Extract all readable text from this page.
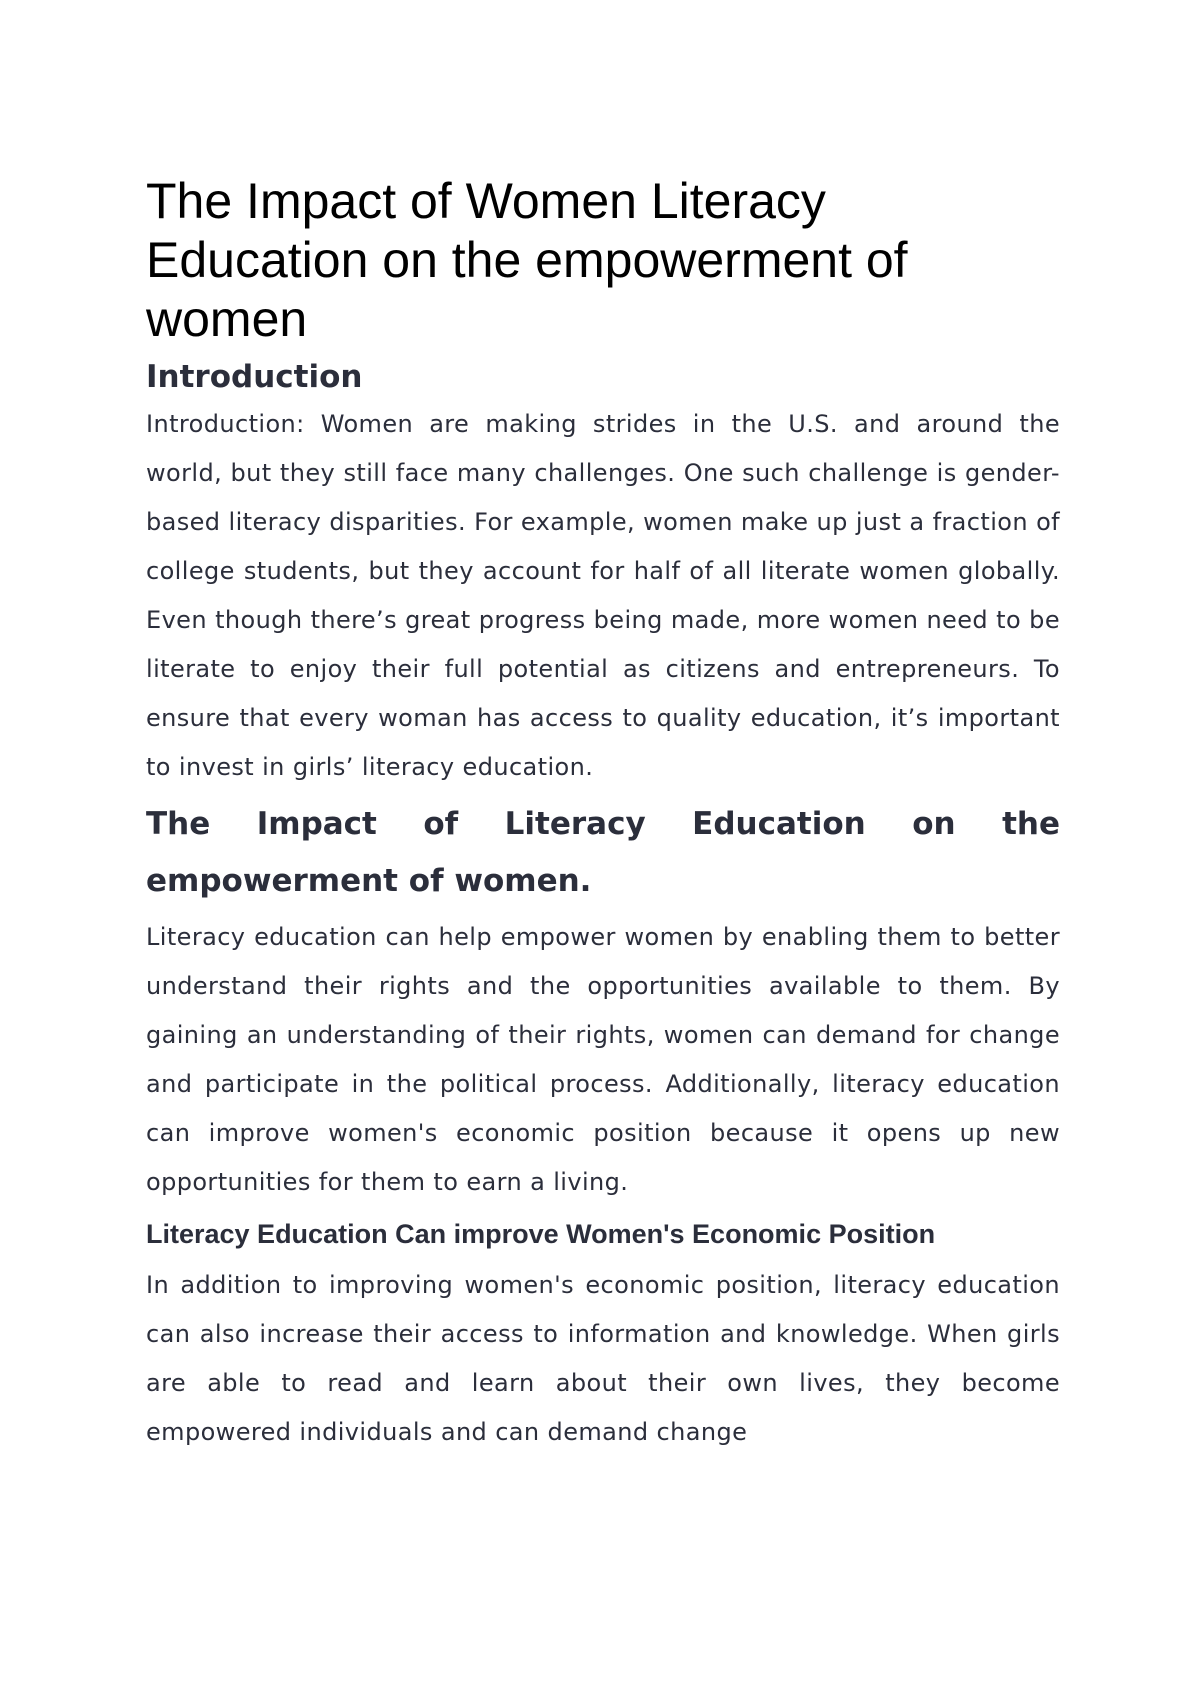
The Impact of Women Literacy Education on the empowerment of women
Introduction

Introduction: Women are making strides in the U.S. and around the world, but they still face many challenges. One such challenge is gender-based literacy disparities. For example, women make up just a fraction of college students, but they account for half of all literate women globally. Even though there’s great progress being made, more women need to be literate to enjoy their full potential as citizens and entrepreneurs. To ensure that every woman has access to quality education, it’s important to invest in girls’ literacy education.

The Impact of Literacy Education on the empowerment of women.

Literacy education can help empower women by enabling them to better understand their rights and the opportunities available to them. By gaining an understanding of their rights, women can demand for change and participate in the political process. Additionally, literacy education can improve women's economic position because it opens up new opportunities for them to earn a living.

Literacy Education Can improve Women's Economic Position

In addition to improving women's economic position, literacy education can also increase their access to information and knowledge. When girls are able to read and learn about their own lives, they become empowered individuals and can demand change
